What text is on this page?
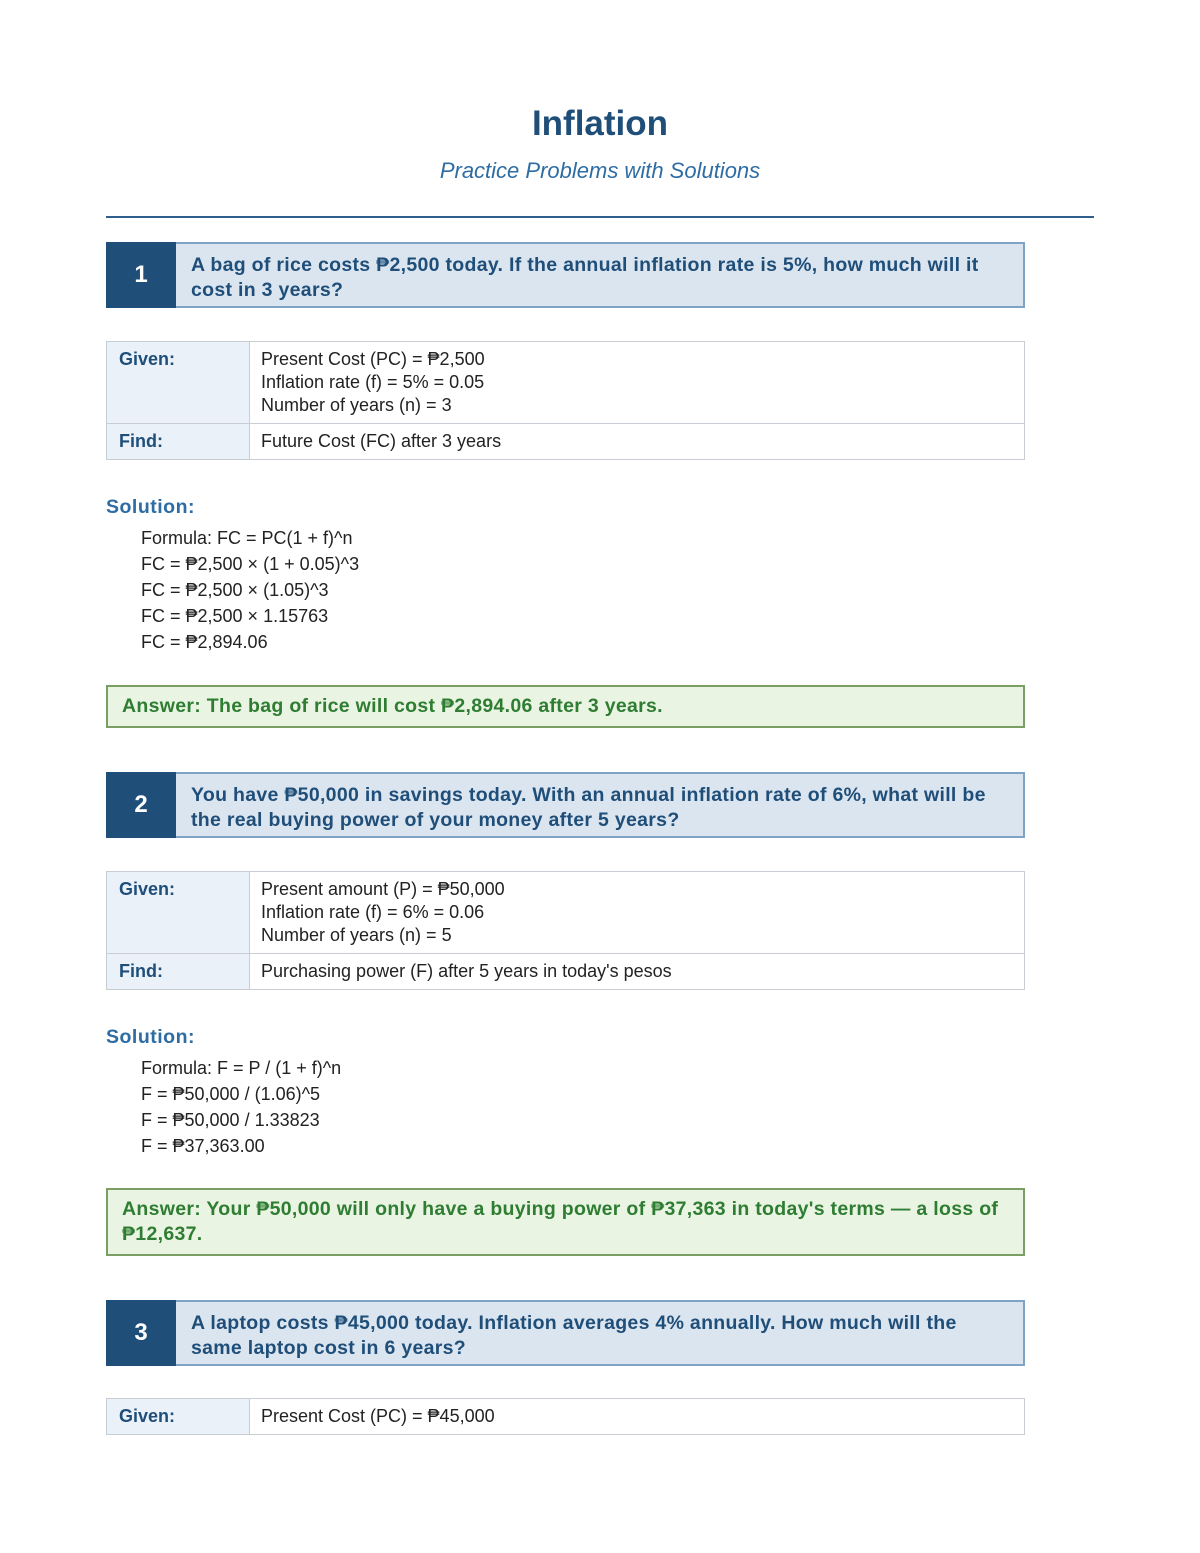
Inflation
Practice Problems with Solutions
1	A bag of rice costs ₱2,500 today. If the annual inflation rate is 5%, how much will it cost in 3 years?
Given:	Present Cost (PC) = ₱2,500
Inflation rate (f) = 5% = 0.05
Number of years (n) = 3

Find:	Future Cost (FC) after 3 years
Solution:
Formula: FC = PC(1 + f)^n
FC = ₱2,500 × (1 + 0.05)^3
FC = ₱2,500 × (1.05)^3
FC = ₱2,500 × 1.15763
FC = ₱2,894.06
Answer: The bag of rice will cost ₱2,894.06 after 3 years.
2	You have ₱50,000 in savings today. With an annual inflation rate of 6%, what will be the real buying power of your money after 5 years?
Given:	Present amount (P) = ₱50,000
Inflation rate (f) = 6% = 0.06
Number of years (n) = 5

Find:	Purchasing power (F) after 5 years in today's pesos
Solution:
Formula: F = P / (1 + f)^n
F = ₱50,000 / (1.06)^5
F = ₱50,000 / 1.33823
F = ₱37,363.00
Answer: Your ₱50,000 will only have a buying power of ₱37,363 in today's terms — a loss of ₱12,637.
3	A laptop costs ₱45,000 today. Inflation averages 4% annually. How much will the same laptop cost in 6 years?
Given:	Present Cost (PC) = ₱45,000
